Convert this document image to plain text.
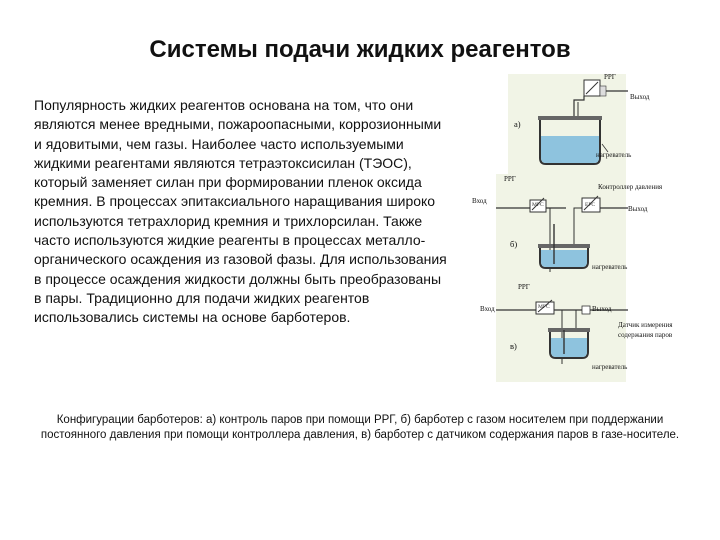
Системы подачи жидких реагентов
Популярность жидких реагентов основана на том, что они являются менее вредными, пожароопасными, коррозионными и ядовитыми, чем газы. Наиболее часто используемыми жидкими реагентами являются тетраэтоксисилан (ТЭОС), который заменяет силан при формировании пленок оксида кремния. В процессах эпитаксиального наращивания широко используются тетрахлорид кремния и трихлорсилан. Также часто используются жидкие реагенты в процессах металло-органического осаждения из газовой фазы. Для использования в процессе осаждения жидкости должны быть преобразованы в пары. Традиционно для подачи жидких реагентов использовались системы на основе барботеров.
РРГ
Выход
а)
нагреватель
РРГ
Контроллер давления
Вход
Выход
MFC	EPC
б)
нагреватель
РРГ
Вход	Выход
MFC
Датчик измерения содержания паров
в)
нагреватель
Конфигурации барботеров: а) контроль паров при помощи РРГ, б) барботер с газом носителем при поддержании постоянного давления при помощи контроллера давления, в) барботер с датчиком содержания паров в газе-носителе.
